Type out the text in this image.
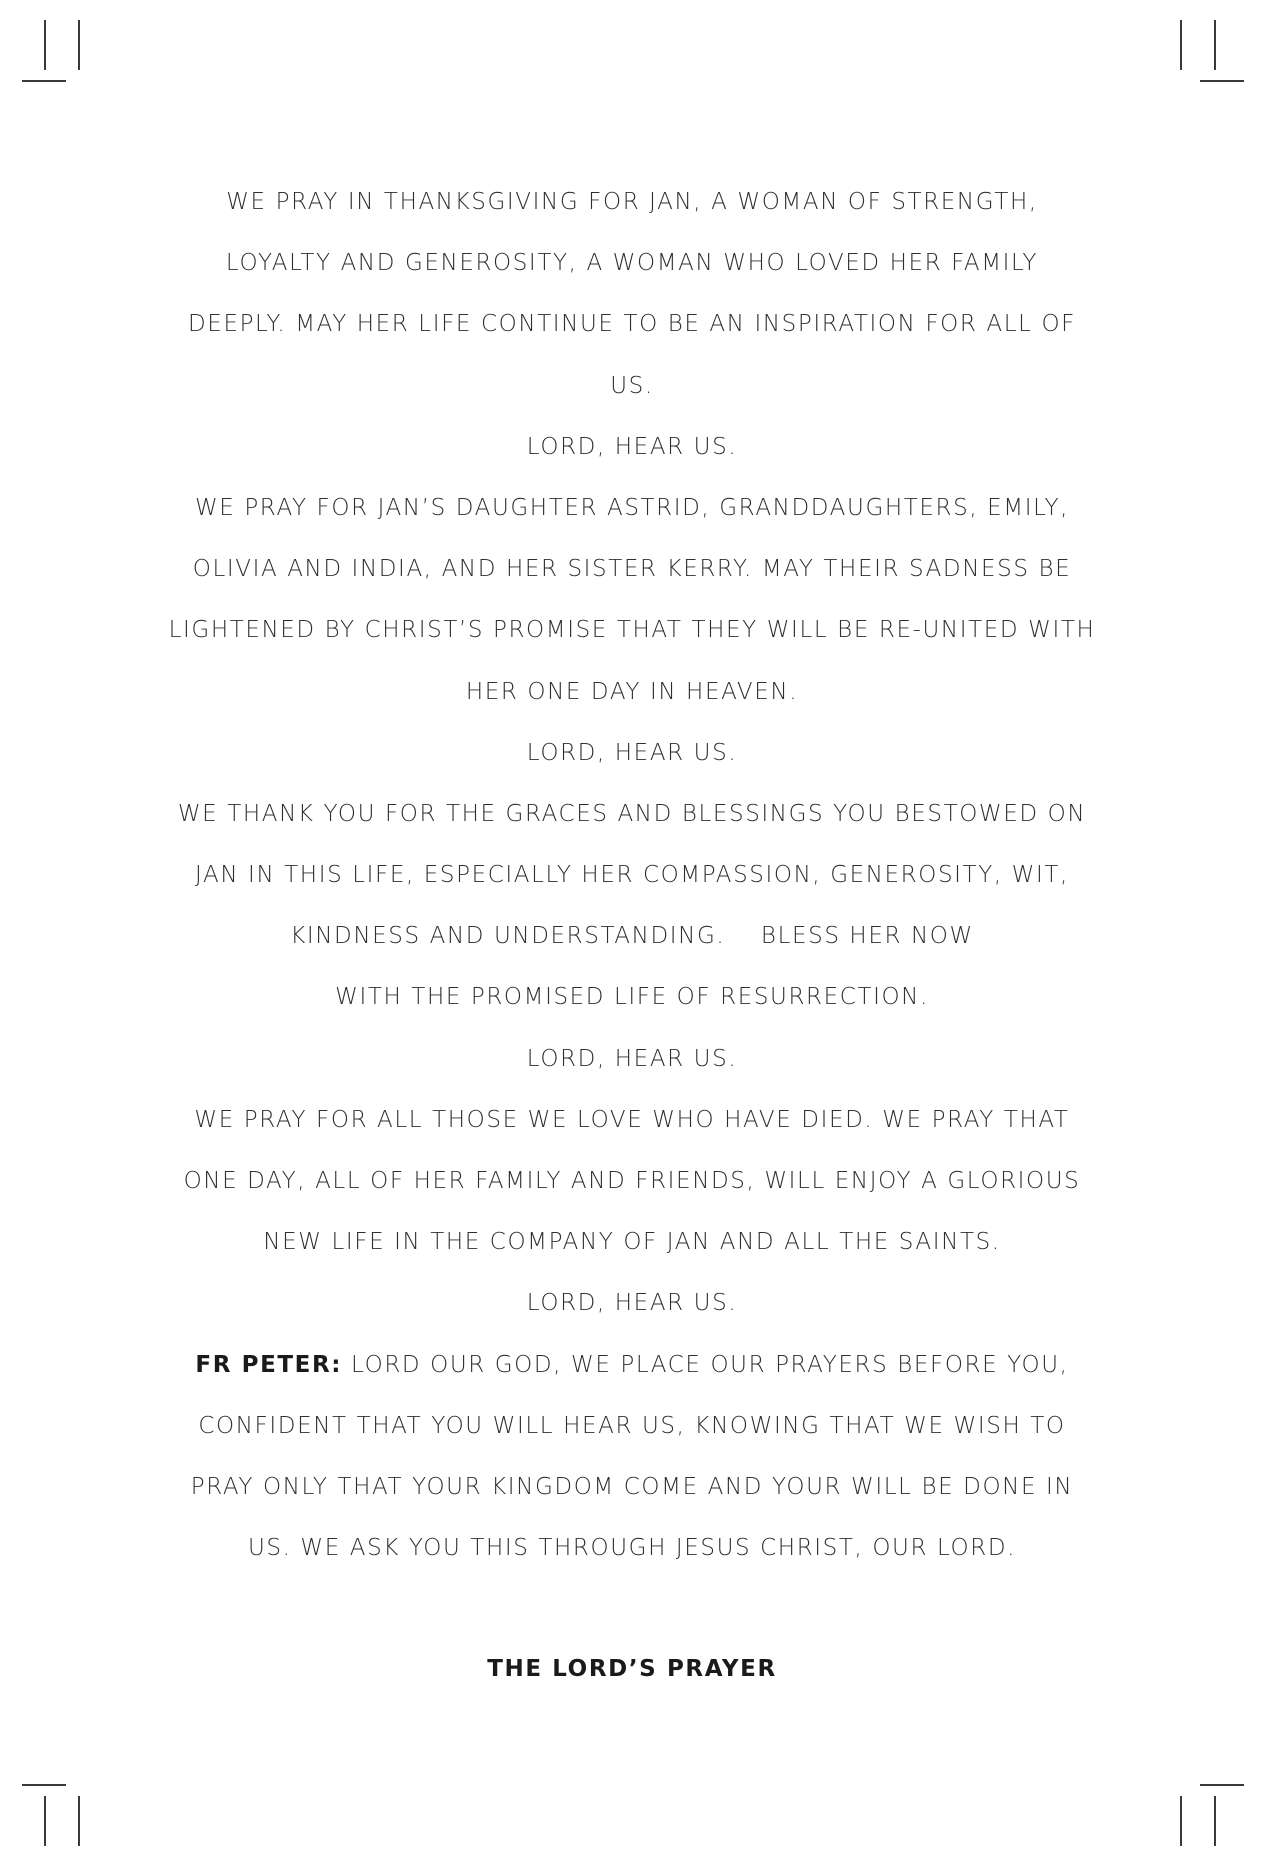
WE PRAY IN THANKSGIVING FOR JAN, A WOMAN OF STRENGTH,
LOYALTY AND GENEROSITY, A WOMAN WHO LOVED HER FAMILY
DEEPLY. MAY HER LIFE CONTINUE TO BE AN INSPIRATION FOR ALL OF
US.
LORD, HEAR US.
WE PRAY FOR JAN’S DAUGHTER ASTRID, GRANDDAUGHTERS, EMILY,
OLIVIA AND INDIA, AND HER SISTER KERRY. MAY THEIR SADNESS BE
LIGHTENED BY CHRIST’S PROMISE THAT THEY WILL BE RE-UNITED WITH
HER ONE DAY IN HEAVEN.
LORD, HEAR US.
WE THANK YOU FOR THE GRACES AND BLESSINGS YOU BESTOWED ON
JAN IN THIS LIFE, ESPECIALLY HER COMPASSION, GENEROSITY, WIT,
KINDNESS AND UNDERSTANDING.    BLESS HER NOW
WITH THE PROMISED LIFE OF RESURRECTION.
LORD, HEAR US.
WE PRAY FOR ALL THOSE WE LOVE WHO HAVE DIED. WE PRAY THAT
ONE DAY, ALL OF HER FAMILY AND FRIENDS, WILL ENJOY A GLORIOUS
NEW LIFE IN THE COMPANY OF JAN AND ALL THE SAINTS.
LORD, HEAR US.
FR PETER: LORD OUR GOD, WE PLACE OUR PRAYERS BEFORE YOU,
CONFIDENT THAT YOU WILL HEAR US, KNOWING THAT WE WISH TO
PRAY ONLY THAT YOUR KINGDOM COME AND YOUR WILL BE DONE IN
US. WE ASK YOU THIS THROUGH JESUS CHRIST, OUR LORD.
THE LORD’S PRAYER
